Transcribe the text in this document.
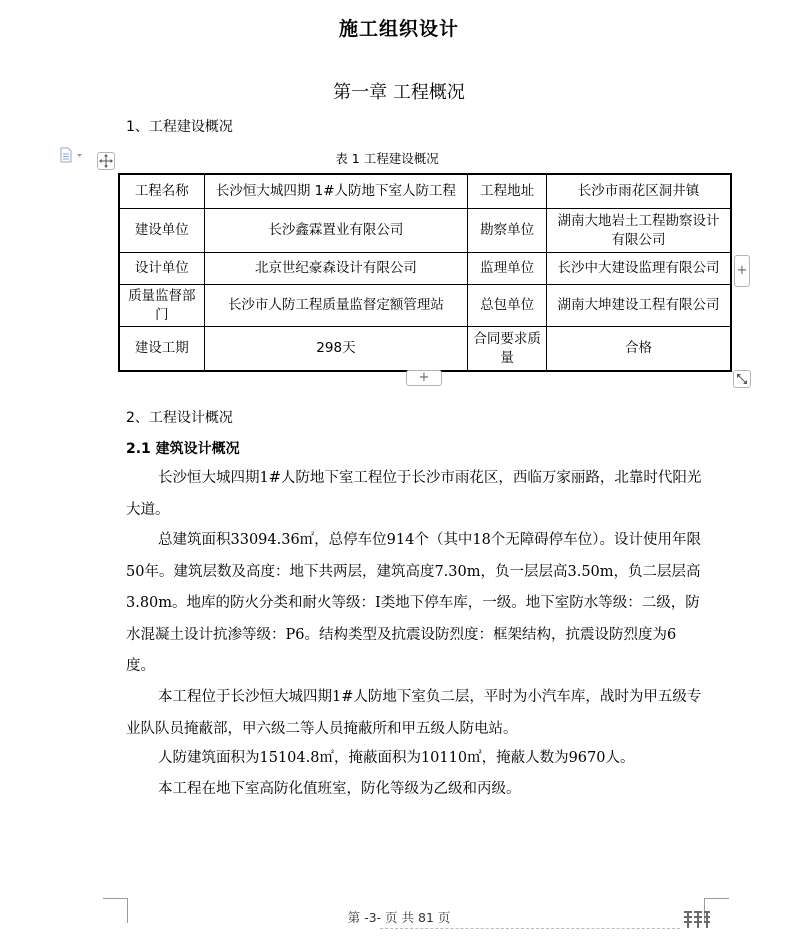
施工组织设计
第一章 工程概况
1、工程建设概况
表 1 工程建设概况
工程名称	长沙恒大城四期 1#人防地下室人防工程	工程地址	长沙市雨花区洞井镇
建设单位	长沙鑫霖置业有限公司	勘察单位	湖南大地岩土工程勘察设计有限公司
设计单位	北京世纪豪森设计有限公司	监理单位	长沙中大建设监理有限公司
质量监督部门	长沙市人防工程质量监督定额管理站	总包单位	湖南大坤建设工程有限公司
建设工期	298天	合同要求质量	合格
+
+
2、工程设计概况
2.1 建筑设计概况
长沙恒大城四期1#人防地下室工程位于长沙市雨花区，西临万家丽路，北靠时代阳光大道。
总建筑面积33094.36㎡，总停车位914个（其中18个无障碍停车位）。设计使用年限50年。建筑层数及高度：地下共两层，建筑高度7.30m，负一层层高3.50m，负二层层高3.80m。地库的防火分类和耐火等级：I类地下停车库，一级。地下室防水等级：二级，防水混凝土设计抗渗等级：P6。结构类型及抗震设防烈度：框架结构，抗震设防烈度为6度。
本工程位于长沙恒大城四期1#人防地下室负二层，平时为小汽车库，战时为甲五级专业队队员掩蔽部，甲六级二等人员掩蔽所和甲五级人防电站。
人防建筑面积为15104.8㎡，掩蔽面积为10110㎡，掩蔽人数为9670人。
本工程在地下室高防化值班室，防化等级为乙级和丙级。
第 -3- 页 共 81 页
